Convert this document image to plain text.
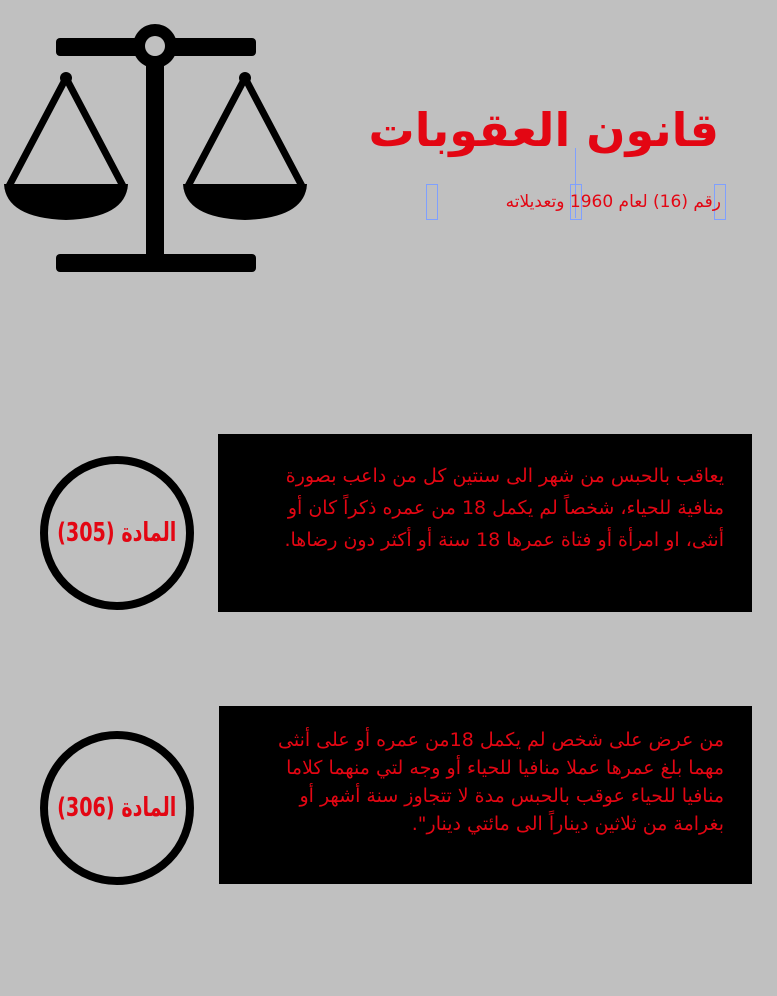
قانون العقوبات
رقم (16) لعام 1960 وتعديلاته
المادة (305)
يعاقب بالحبس من شهر الى سنتين كل من داعب بصورة منافية للحياء، شخصاً لم يكمل 18 من عمره ذكراً كان أو أنثى، او امرأة أو فتاة عمرها 18 سنة أو أكثر دون رضاها.
المادة (306)
من عرض على شخص لم يكمل 18من عمره أو على أنثى مهما بلغ عمرها عملا منافيا للحياء أو وجه لتي منهما كلاما منافيا للحياء عوقب بالحبس مدة لا تتجاوز سنة أشهر أو بغرامة من ثلاثين ديناراً الى مائتي دينار".
